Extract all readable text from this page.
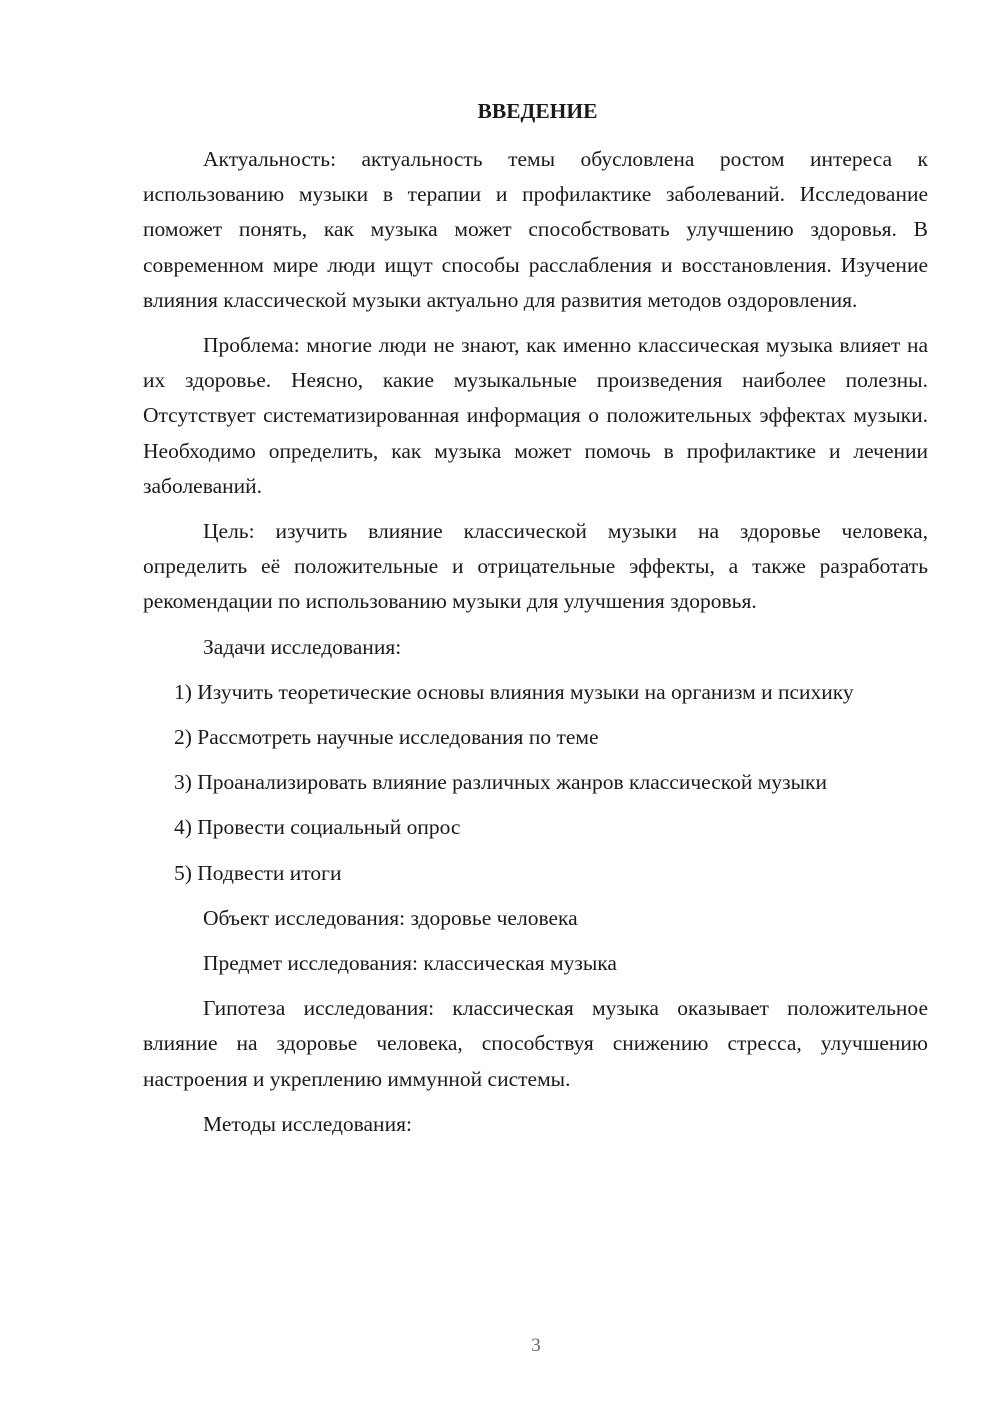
ВВЕДЕНИЕ

Актуальность: актуальность темы обусловлена ростом интереса к использованию музыки в терапии и профилактике заболеваний. Исследование поможет понять, как музыка может способствовать улучшению здоровья. В современном мире люди ищут способы расслабления и восстановления. Изучение влияния классической музыки актуально для развития методов оздоровления.

Проблема: многие люди не знают, как именно классическая музыка влияет на их здоровье. Неясно, какие музыкальные произведения наиболее полезны. Отсутствует систематизированная информация о положительных эффектах музыки. Необходимо определить, как музыка может помочь в профилактике и лечении заболеваний.

Цель: изучить влияние классической музыки на здоровье человека, определить её положительные и отрицательные эффекты, а также разработать рекомендации по использованию музыки для улучшения здоровья.

Задачи исследования:

1) Изучить теоретические основы влияния музыки на организм и психику

2) Рассмотреть научные исследования по теме

3) Проанализировать влияние различных жанров классической музыки

4) Провести социальный опрос

5) Подвести итоги

Объект исследования: здоровье человека

Предмет исследования: классическая музыка

Гипотеза исследования: классическая музыка оказывает положительное влияние на здоровье человека, способствуя снижению стресса, улучшению настроения и укреплению иммунной системы.

Методы исследования:

3
